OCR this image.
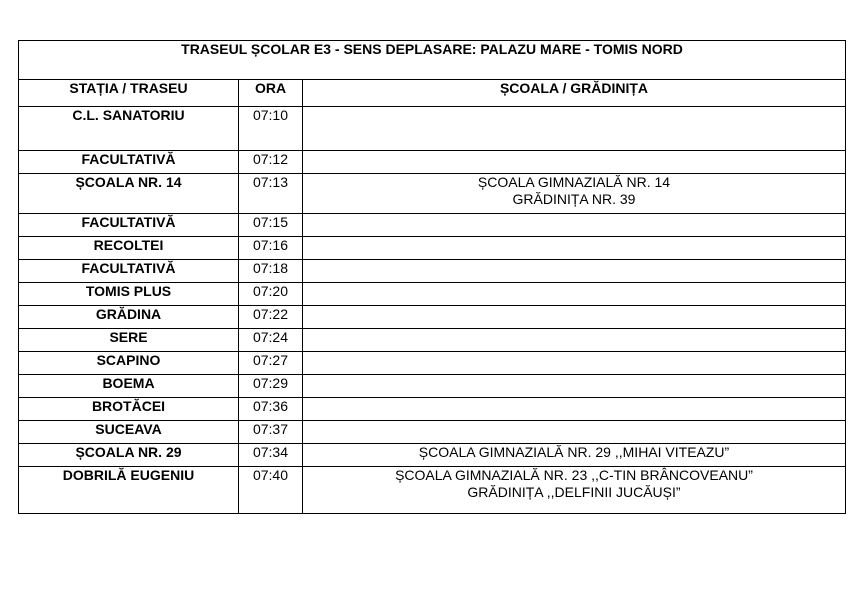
TRASEUL ȘCOLAR E3 - SENS DEPLASARE: PALAZU MARE - TOMIS NORD		
STAȚIA / TRASEU	ORA	ȘCOALA / GRĂDINIȚA
C.L. SANATORIU	07:10	
FACULTATIVĂ	07:12	
ȘCOALA NR. 14	07:13	ȘCOALA GIMNAZIALĂ NR. 14
GRĂDINIȚA NR. 39

FACULTATIVĂ	07:15	
RECOLTEI	07:16	
FACULTATIVĂ	07:18	
TOMIS PLUS	07:20	
GRĂDINA	07:22	
SERE	07:24	
SCAPINO	07:27	
BOEMA	07:29	
BROTĂCEI	07:36	
SUCEAVA	07:37	
ȘCOALA NR. 29	07:34	ȘCOALA GIMNAZIALĂ NR. 29 ,,MIHAI VITEAZU”

DOBRILĂ EUGENIU	07:40	ȘCOALA GIMNAZIALĂ NR. 23 ,,C-TIN BRÂNCOVEANU”
GRĂDINIȚA ,,DELFINII JUCĂUȘI”
